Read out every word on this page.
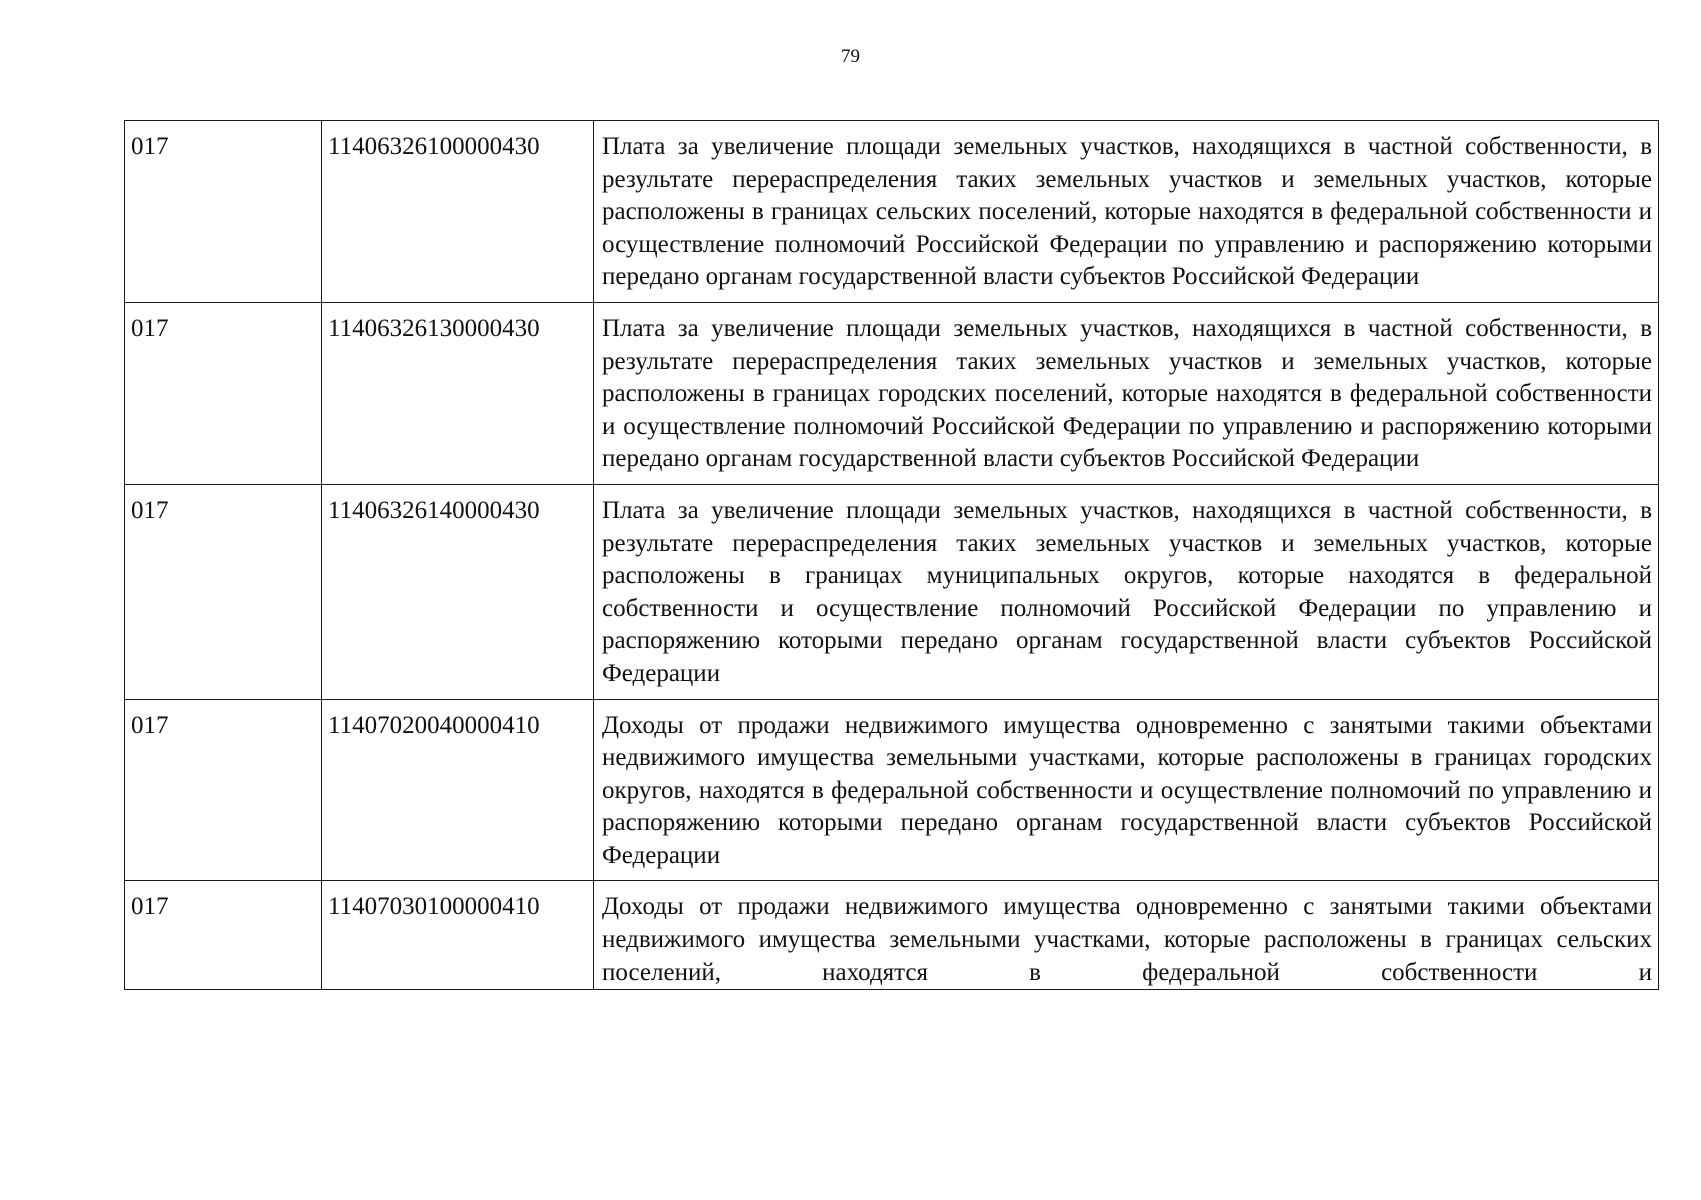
79
017	11406326100000430	Плата за увеличение площади земельных участков, находящихся в частной собственности, в результате перераспределения таких земельных участков и земельных участков, которые расположены в границах сельских поселений, которые находятся в федеральной собственности и осуществление полномочий Российской Федерации по управлению и распоряжению которыми передано органам государственной власти субъектов Российской Федерации

017	11406326130000430	Плата за увеличение площади земельных участков, находящихся в частной собственности, в результате перераспределения таких земельных участков и земельных участков, которые расположены в границах городских поселений, которые находятся в федеральной собственности и осуществление полномочий Российской Федерации по управлению и распоряжению которыми передано органам государственной власти субъектов Российской Федерации

017	11406326140000430	Плата за увеличение площади земельных участков, находящихся в частной собственности, в результате перераспределения таких земельных участков и земельных участков, которые расположены в границах муниципальных округов, которые находятся в федеральной собственности и осуществление полномочий Российской Федерации по управлению и распоряжению которыми передано органам государственной власти субъектов Российской Федерации

017	11407020040000410	Доходы от продажи недвижимого имущества одновременно с занятыми такими объектами недвижимого имущества земельными участками, которые расположены в границах городских округов, находятся в федеральной собственности и осуществление полномочий по управлению и распоряжению которыми передано органам государственной власти субъектов Российской Федерации

017	11407030100000410	Доходы от продажи недвижимого имущества одновременно с занятыми такими объектами недвижимого имущества земельными участками, которые расположены в границах сельских поселений, находятся в федеральной собственности и
